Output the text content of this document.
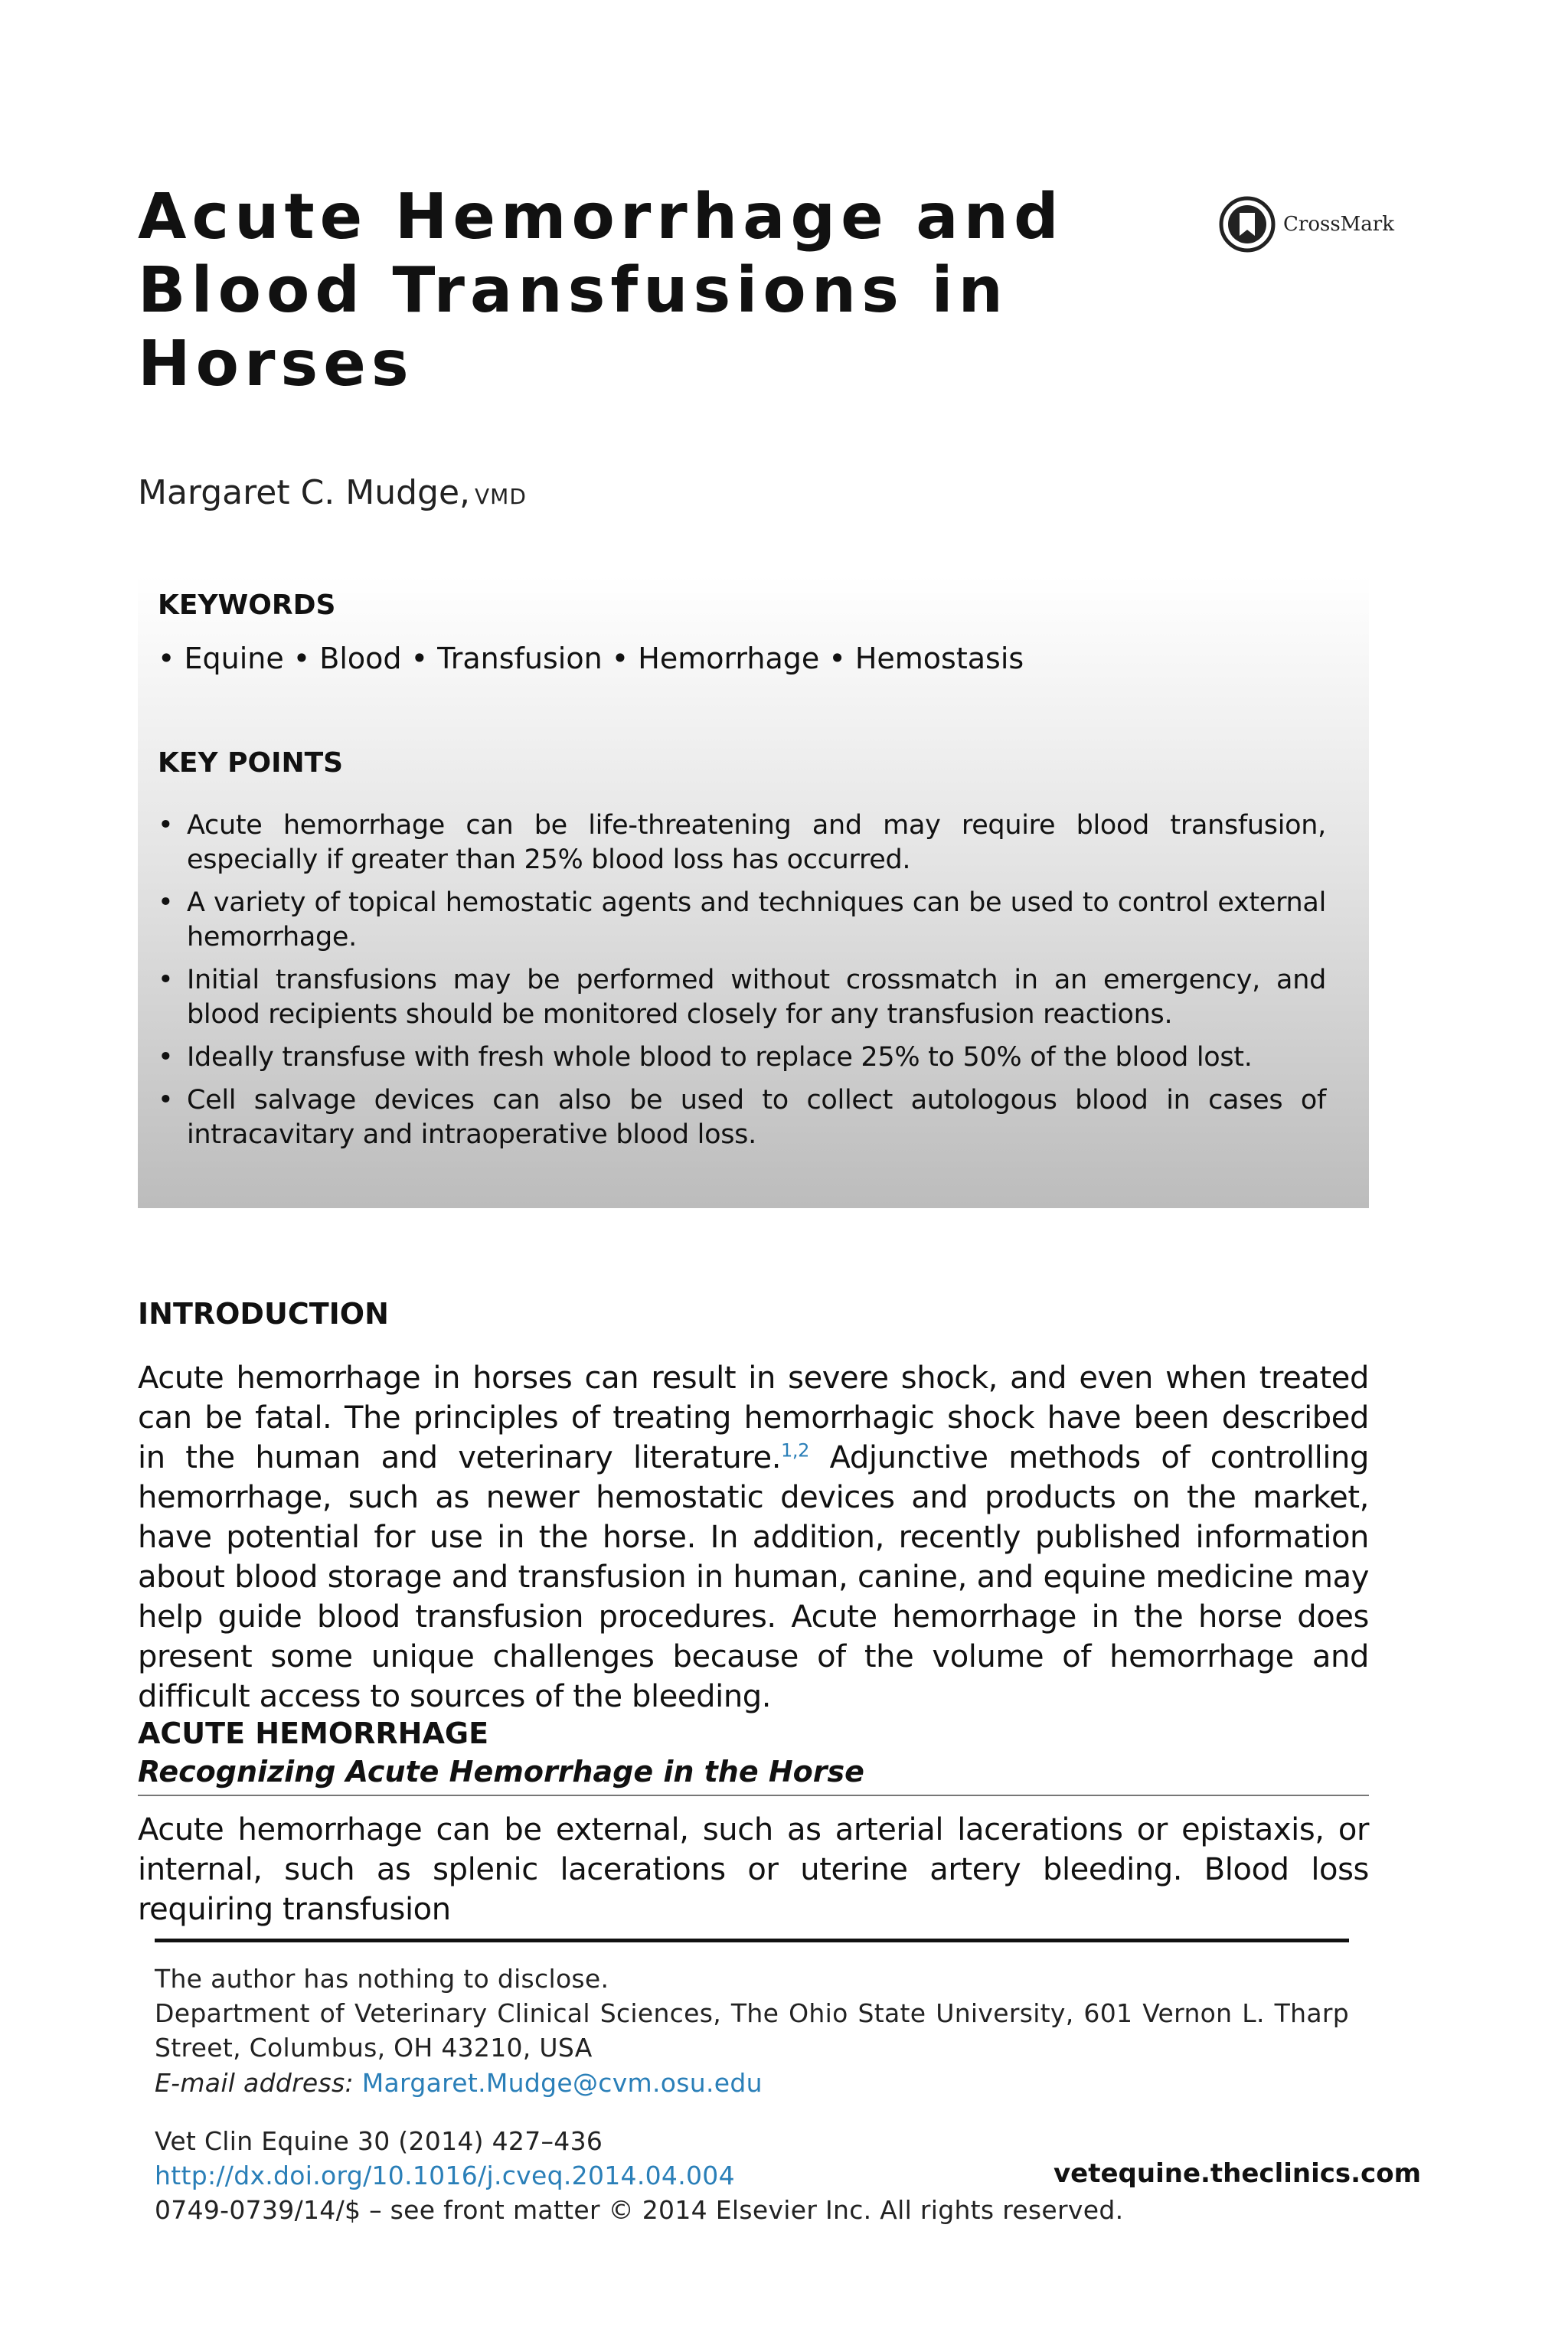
Acute Hemorrhage and
Blood Transfusions in
Horses
CrossMark
Margaret C. Mudge, VMD
KEYWORDS
• Equine • Blood • Transfusion • Hemorrhage • Hemostasis
KEY POINTS
• Acute hemorrhage can be life-threatening and may require blood transfusion, especially if greater than 25% blood loss has occurred.
• A variety of topical hemostatic agents and techniques can be used to control external hemorrhage.
• Initial transfusions may be performed without crossmatch in an emergency, and blood recipients should be monitored closely for any transfusion reactions.
• Ideally transfuse with fresh whole blood to replace 25% to 50% of the blood lost.
• Cell salvage devices can also be used to collect autologous blood in cases of intracavitary and intraoperative blood loss.
INTRODUCTION
Acute hemorrhage in horses can result in severe shock, and even when treated can be fatal. The principles of treating hemorrhagic shock have been described in the human and veterinary literature.$^{1,2}$ Adjunctive methods of controlling hemorrhage, such as newer hemostatic devices and products on the market, have potential for use in the horse. In addition, recently published information about blood storage and transfusion in human, canine, and equine medicine may help guide blood transfusion procedures. Acute hemorrhage in the horse does present some unique challenges because of the volume of hemorrhage and difficult access to sources of the bleeding.
ACUTE HEMORRHAGE
Recognizing Acute Hemorrhage in the Horse
Acute hemorrhage can be external, such as arterial lacerations or epistaxis, or internal, such as splenic lacerations or uterine artery bleeding. Blood loss requiring transfusion
The author has nothing to disclose.
Department of Veterinary Clinical Sciences, The Ohio State University, 601 Vernon L. Tharp Street, Columbus, OH 43210, USA
E-mail address: Margaret.Mudge@cvm.osu.edu
Vet Clin Equine 30 (2014) 427–436
http://dx.doi.org/10.1016/j.cveq.2014.04.004	vetequine.theclinics.com
0749-0739/14/$ – see front matter © 2014 Elsevier Inc. All rights reserved.
